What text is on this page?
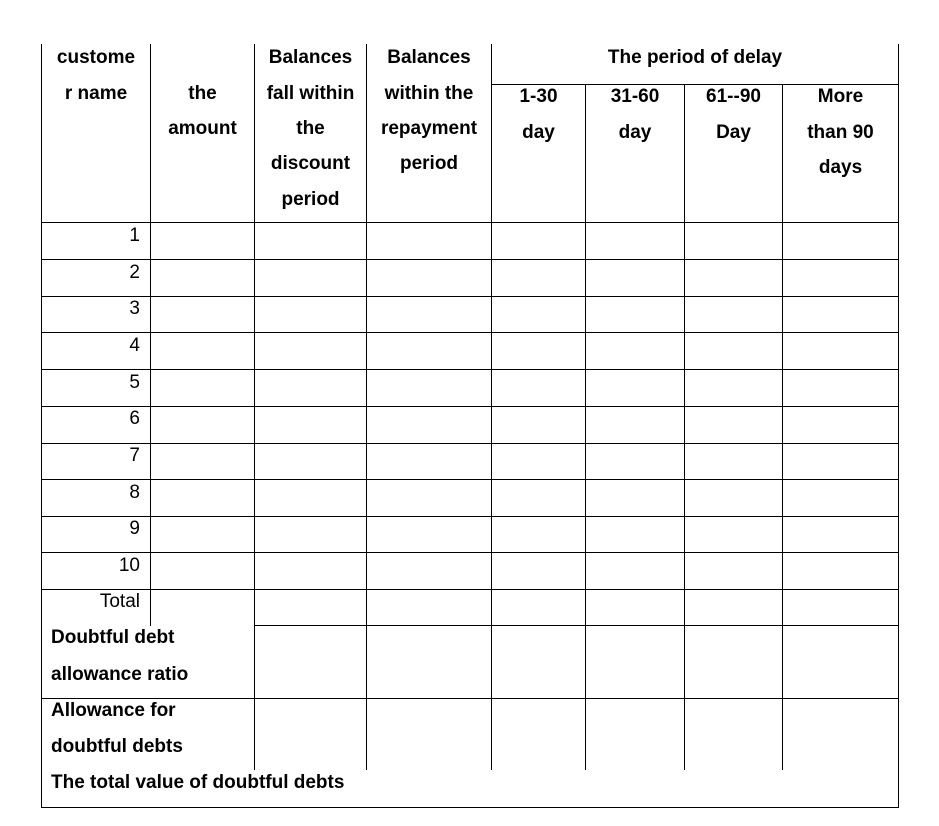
custome
r name	the
amount
Balances
fall within
the
discount
period
Balances
within the
repayment
period
The period of delay
1-30
day
31-60
day
61--90
Day
More
than 90
days
1
2
3
4
5
6
7
8
9
10
Total
Doubtful debt
allowance ratio
Allowance for
doubtful debts
The total value of doubtful debts
